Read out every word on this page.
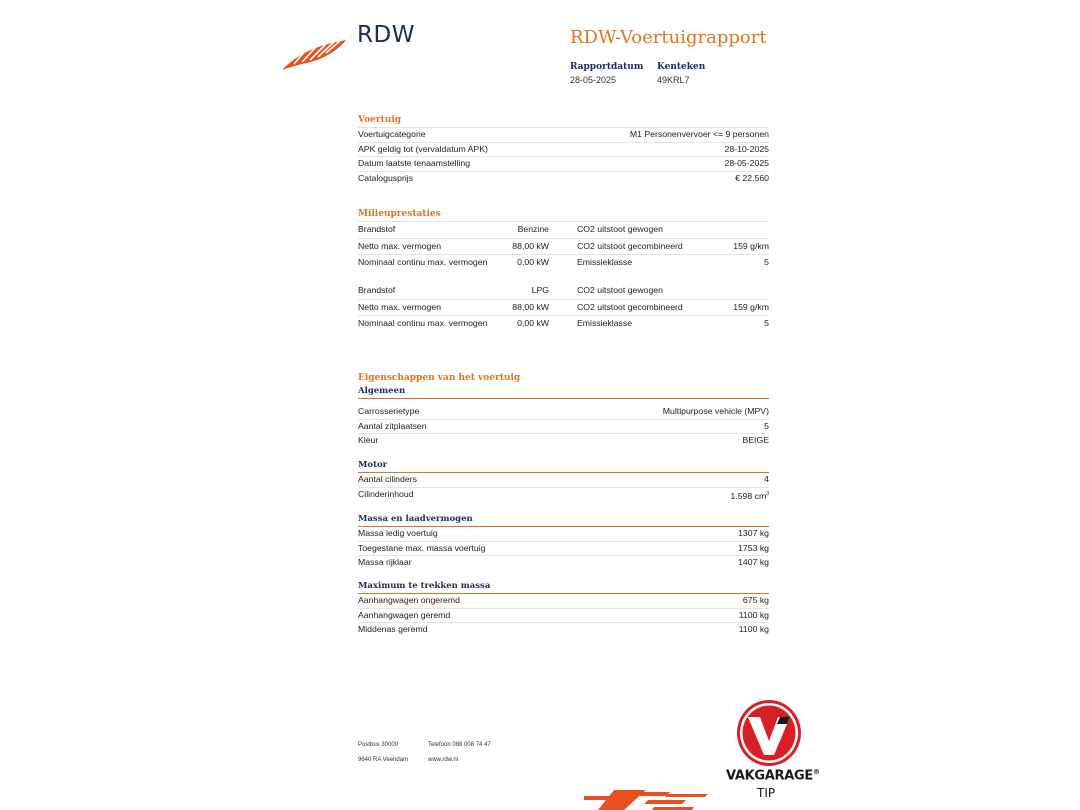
RDW	RDW-Voertuigrapport
Rapportdatum
28-05-2025
Kenteken
49KRL7
Voertuig
Voertuigcategorie	M1 Personenvervoer <= 9 personen
APK geldig tot (vervaldatum APK)	28-10-2025
Datum laatste tenaamstelling	28-05-2025
Catalogusprijs	€ 22.560
Milieuprestaties
Brandstof	Benzine	CO2 uitstoot gewogen
Netto max. vermogen	88,00 kW	CO2 uitstoot gecombineerd	159 g/km
Nominaal continu max. vermogen	0,00 kW	Emissieklasse	5
Brandstof	LPG	CO2 uitstoot gewogen
Netto max. vermogen	88,00 kW	CO2 uitstoot gecombineerd	159 g/km
Nominaal continu max. vermogen	0,00 kW	Emissieklasse	5
Eigenschappen van het voertuig
Algemeen
Carrosserietype	Multipurpose vehicle (MPV)
Aantal zitplaatsen	5
Kleur	BEIGE
Motor
Aantal cilinders	4
Cilinderinhoud	1.598 $cm^3$
Massa en laadvermogen
Massa ledig voertuig	1307 kg
Toegestane max. massa voertuig	1753 kg
Massa rijklaar	1407 kg
Maximum te trekken massa
Aanhangwagen ongeremd	675 kg
Aanhangwagen geremd	1100 kg
Middenas geremd	1100 kg
Postbus 30000
9640 RA Veendam
Telefoon 088 008 74 47
www.rdw.nl
VAKGARAGE®
TIP
